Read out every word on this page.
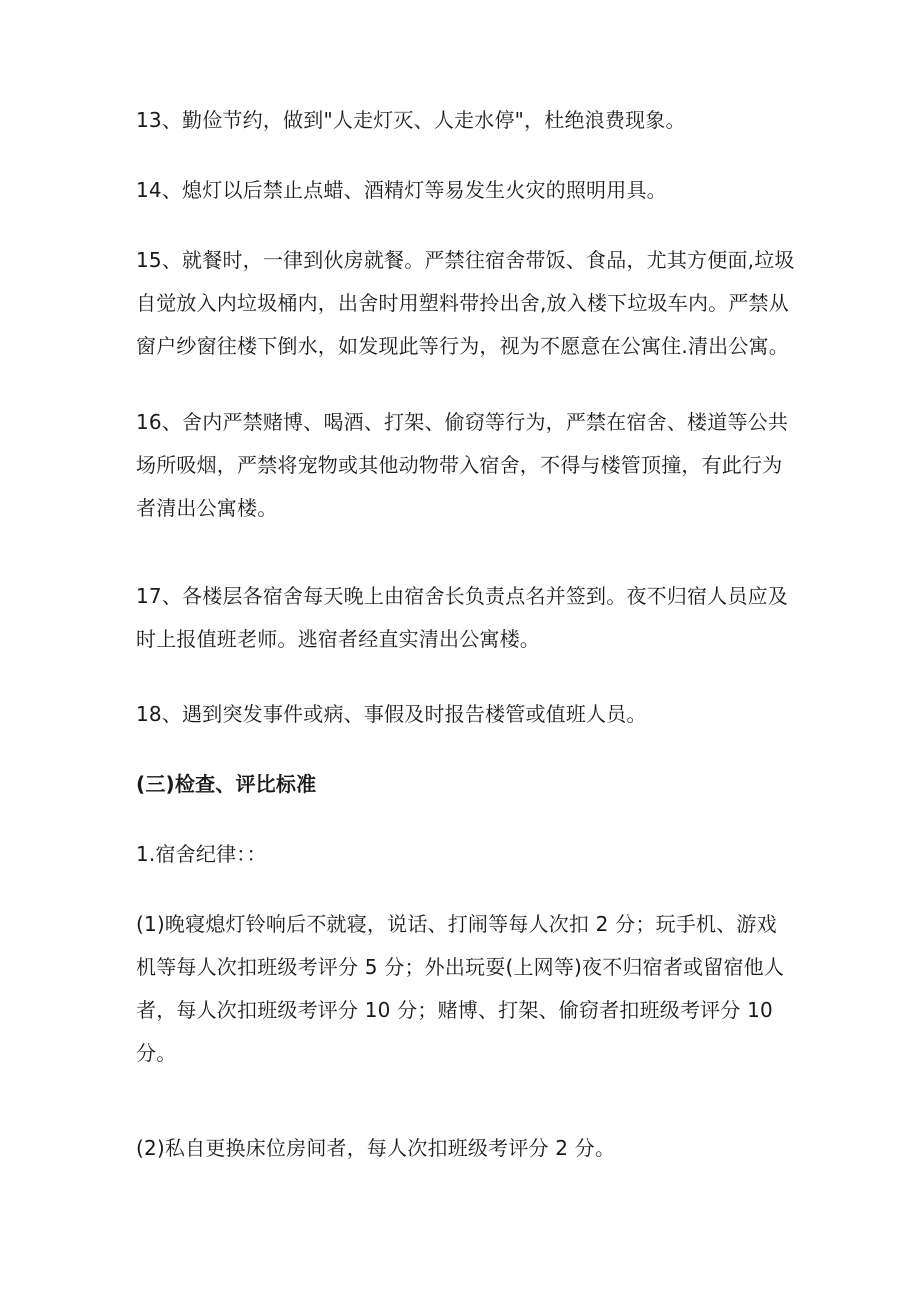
13、勤俭节约，做到"人走灯灭、人走水停"，杜绝浪费现象。

14、熄灯以后禁止点蜡、酒精灯等易发生火灾的照明用具。

15、就餐时，一律到伙房就餐。严禁往宿舍带饭、食品，尤其方便面,垃圾自觉放入内垃圾桶内，出舍时用塑料带拎出舍,放入楼下垃圾车内。严禁从窗户纱窗往楼下倒水，如发现此等行为，视为不愿意在公寓住.清出公寓。

16、舍内严禁赌博、喝酒、打架、偷窃等行为，严禁在宿舍、楼道等公共场所吸烟，严禁将宠物或其他动物带入宿舍，不得与楼管顶撞，有此行为者清出公寓楼。

17、各楼层各宿舍每天晚上由宿舍长负责点名并签到。夜不归宿人员应及时上报值班老师。逃宿者经直实清出公寓楼。

18、遇到突发事件或病、事假及时报告楼管或值班人员。

(三)检查、评比标准

1.宿舍纪律：：

(1)晚寝熄灯铃响后不就寝，说话、打闹等每人次扣 2 分；玩手机、游戏机等每人次扣班级考评分 5 分；外出玩耍(上网等)夜不归宿者或留宿他人者，每人次扣班级考评分 10 分；赌博、打架、偷窃者扣班级考评分 10 分。

(2)私自更换床位房间者，每人次扣班级考评分 2 分。
